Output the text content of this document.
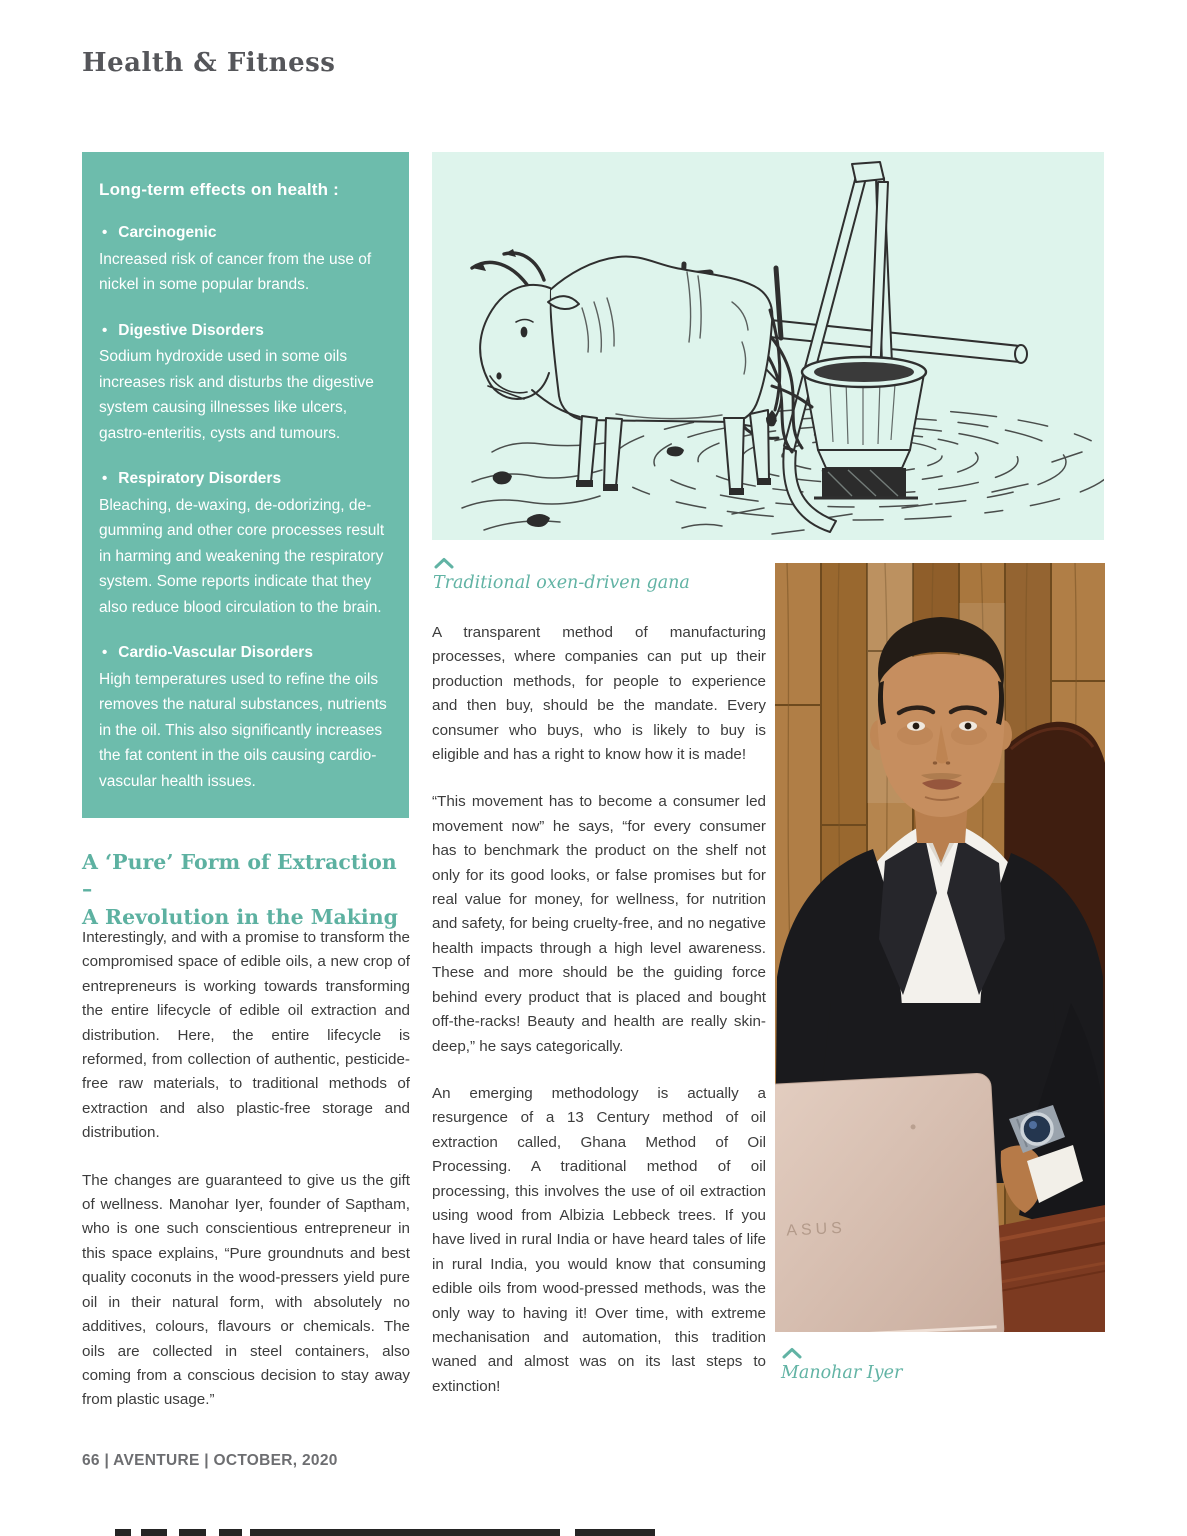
Health & Fitness
Long-term effects on health :
• Carcinogenic
Increased risk of cancer from the use of nickel in some popular brands.
• Digestive Disorders
Sodium hydroxide used in some oils increases risk and disturbs the digestive system causing illnesses like ulcers, gastro-enteritis, cysts and tumours.
• Respiratory Disorders
Bleaching, de-waxing, de-odorizing, de-gumming and other core processes result in harming and weakening the respiratory system. Some reports indicate that they also reduce blood circulation to the brain.
• Cardio-Vascular Disorders
High temperatures used to refine the oils removes the natural substances, nutrients in the oil. This also significantly increases the fat content in the oils causing cardio-vascular health issues.
Traditional oxen-driven gana

A transparent method of manufacturing processes, where companies can put up their production methods, for people to experience and then buy, should be the mandate. Every consumer who buys, who is likely to buy is eligible and has a right to know how it is made!

“This movement has to become a consumer led movement now” he says, “for every consumer has to benchmark the product on the shelf not only for its good looks, or false promises but for real value for money, for wellness, for nutrition and safety, for being cruelty-free, and no negative health impacts through a high level awareness. These and more should be the guiding force behind every product that is placed and bought off-the-racks! Beauty and health are really skin-deep,” he says categorically.

An emerging methodology is actually a resurgence of a 13 Century method of oil extraction called, Ghana Method of Oil Processing. A traditional method of oil processing, this involves the use of oil extraction using wood from Albizia Lebbeck trees. If you have lived in rural India or have heard tales of life in rural India, you would know that consuming edible oils from wood-pressed methods, was the only way to having it! Over time, with extreme mechanisation and automation, this tradition waned and almost was on its last steps to extinction!

ASUS
Manohar Iyer
A ‘Pure’ Form of Extraction –
A Revolution in the Making

Interestingly, and with a promise to transform the compromised space of edible oils, a new crop of entrepreneurs is working towards transforming the entire lifecycle of edible oil extraction and distribution. Here, the entire lifecycle is reformed, from collection of authentic, pesticide-free raw materials, to traditional methods of extraction and also plastic-free storage and distribution.

The changes are guaranteed to give us the gift of wellness. Manohar Iyer, founder of Saptham, who is one such conscientious entrepreneur in this space explains, “Pure groundnuts and best quality coconuts in the wood-pressers yield pure oil in their natural form, with absolutely no additives, colours, flavours or chemicals. The oils are collected in steel containers, also coming from a conscious decision to stay away from plastic usage.”

66 | AVENTURE | OCTOBER, 2020
